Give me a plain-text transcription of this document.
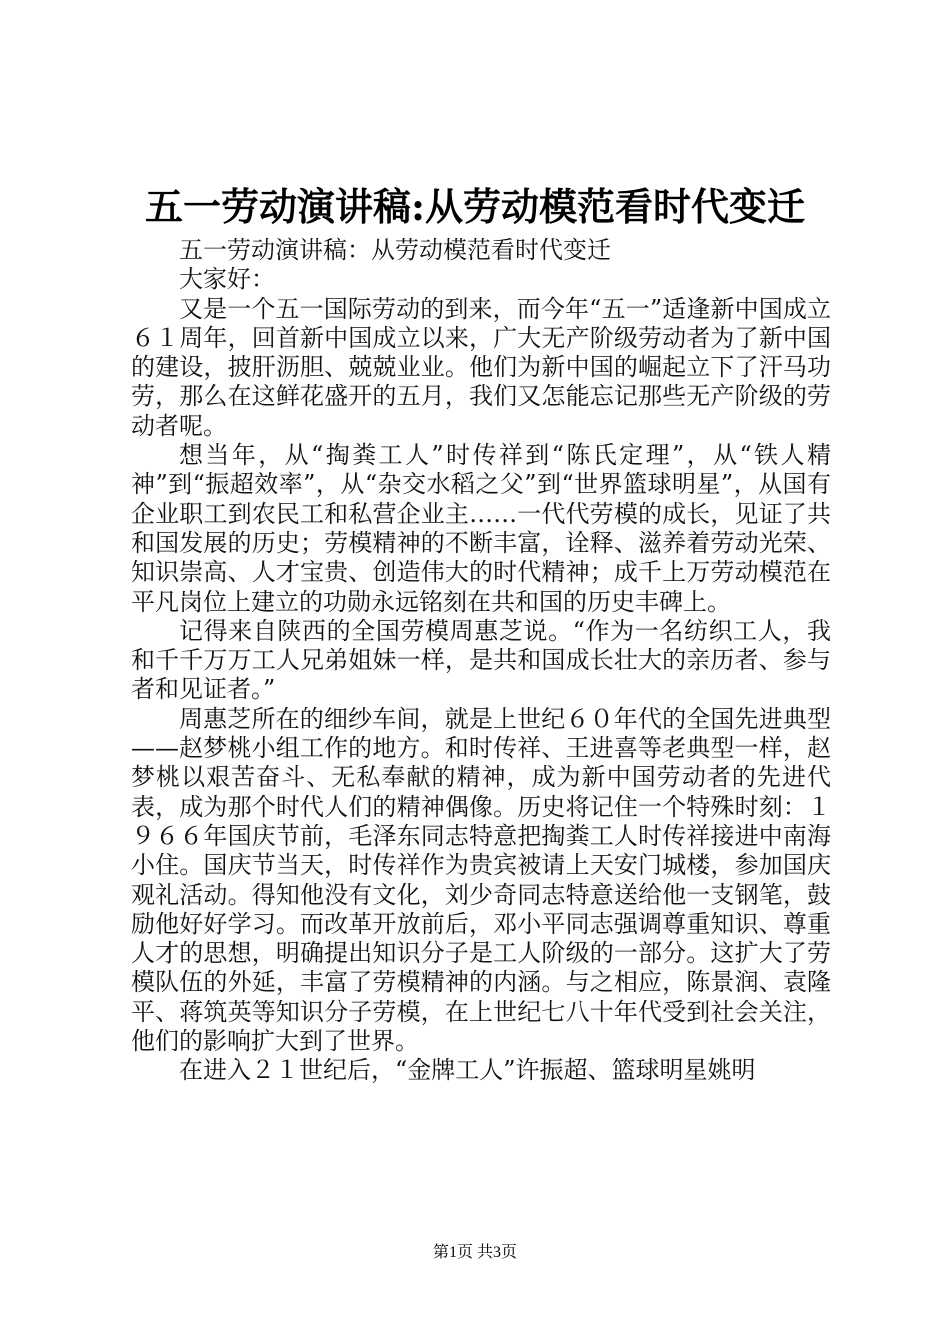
五一劳动演讲稿:从劳动模范看时代变迁

五一劳动演讲稿：从劳动模范看时代变迁

大家好：

又是一个五一国际劳动的到来，而今年“五一”适逢新中国成立６１周年，回首新中国成立以来，广大无产阶级劳动者为了新中国的建设，披肝沥胆、兢兢业业。他们为新中国的崛起立下了汗马功劳，那么在这鲜花盛开的五月，我们又怎能忘记那些无产阶级的劳动者呢。

想当年，从“掏粪工人”时传祥到“陈氏定理”，从“铁人精神”到“振超效率”，从“杂交水稻之父”到“世界篮球明星”，从国有企业职工到农民工和私营企业主……一代代劳模的成长，见证了共和国发展的历史；劳模精神的不断丰富，诠释、滋养着劳动光荣、知识崇高、人才宝贵、创造伟大的时代精神；成千上万劳动模范在平凡岗位上建立的功勋永远铭刻在共和国的历史丰碑上。

记得来自陕西的全国劳模周惠芝说。“作为一名纺织工人，我和千千万万工人兄弟姐妹一样，是共和国成长壮大的亲历者、参与者和见证者。”

周惠芝所在的细纱车间，就是上世纪６０年代的全国先进典型——赵梦桃小组工作的地方。和时传祥、王进喜等老典型一样，赵梦桃以艰苦奋斗、无私奉献的精神，成为新中国劳动者的先进代表，成为那个时代人们的精神偶像。历史将记住一个特殊时刻：１９６６年国庆节前，毛泽东同志特意把掏粪工人时传祥接进中南海小住。国庆节当天，时传祥作为贵宾被请上天安门城楼，参加国庆观礼活动。得知他没有文化，刘少奇同志特意送给他一支钢笔，鼓励他好好学习。而改革开放前后，邓小平同志强调尊重知识、尊重人才的思想，明确提出知识分子是工人阶级的一部分。这扩大了劳模队伍的外延，丰富了劳模精神的内涵。与之相应，陈景润、袁隆平、蒋筑英等知识分子劳模，在上世纪七八十年代受到社会关注，他们的影响扩大到了世界。

在进入２１世纪后，“金牌工人”许振超、篮球明星姚明

第1页 共3页
